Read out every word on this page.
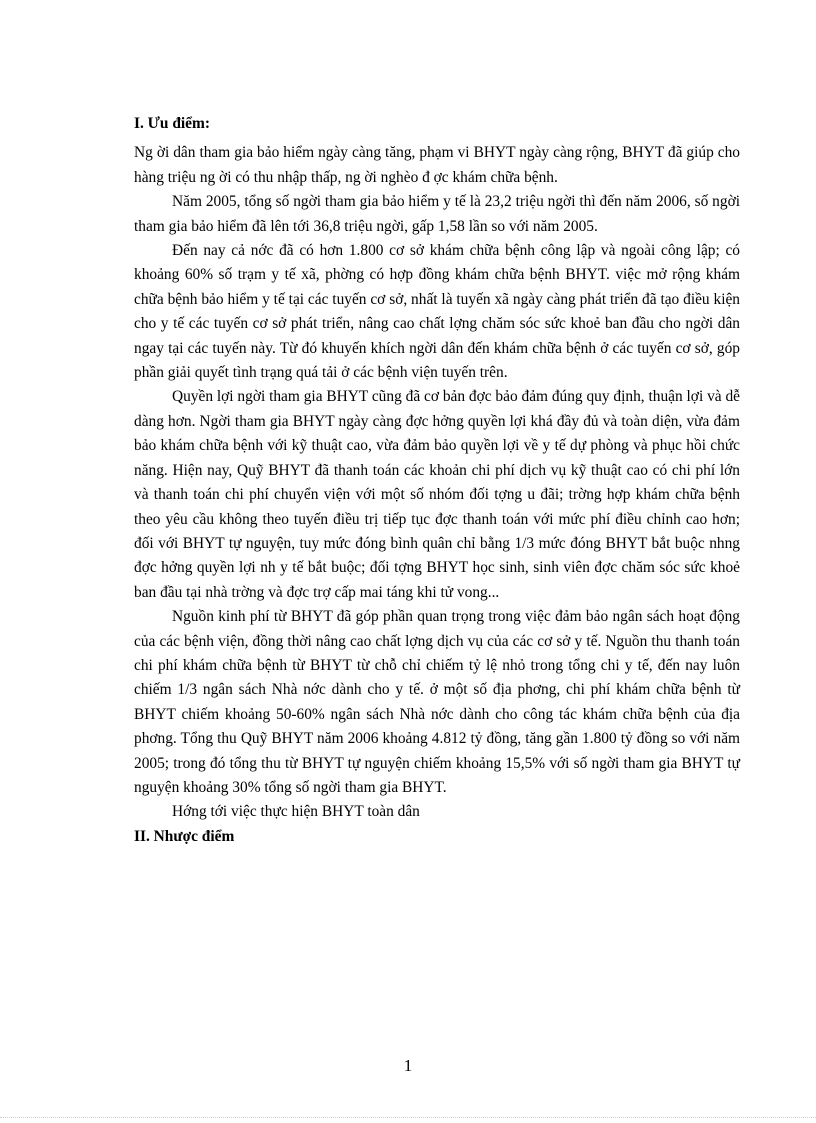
I. Ưu điểm:

Ng ời dân tham gia bảo hiểm ngày càng tăng, phạm vi BHYT ngày càng rộng, BHYT đã giúp cho hàng triệu ng ời có thu nhập thấp, ng ời nghèo đ ợc khám chữa bệnh.

Năm 2005, tổng số ngời tham gia bảo hiểm y tế là 23,2 triệu ngời thì đến năm 2006, số ngời tham gia bảo hiểm đã lên tới 36,8 triệu ngời, gấp 1,58 lần so với năm 2005.

Đến nay cả nớc đã có hơn 1.800 cơ sở khám chữa bệnh công lập và ngoài công lập; có khoảng 60% số trạm y tế xã, phờng có hợp đồng khám chữa bệnh BHYT. việc mở rộng khám chữa bệnh bảo hiểm y tế tại các tuyến cơ sở, nhất là tuyến xã ngày càng phát triển đã tạo điều kiện cho y tế các tuyến cơ sở phát triển, nâng cao chất lợng chăm sóc sức khoẻ ban đầu cho ngời dân ngay tại các tuyến này. Từ đó khuyến khích ngời dân đến khám chữa bệnh ở các tuyến cơ sở, góp phần giải quyết tình trạng quá tải ở các bệnh viện tuyến trên.

Quyền lợi ngời tham gia BHYT cũng đã cơ bản đợc bảo đảm đúng quy định, thuận lợi và dễ dàng hơn. Ngời tham gia BHYT ngày càng đợc hởng quyền lợi khá đầy đủ và toàn diện, vừa đảm bảo khám chữa bệnh với kỹ thuật cao, vừa đảm bảo quyền lợi về y tế dự phòng và phục hồi chức năng. Hiện nay, Quỹ BHYT đã thanh toán các khoản chi phí dịch vụ kỹ thuật cao có chi phí lớn và thanh toán chi phí chuyển viện với một số nhóm đối tợng u đãi; trờng hợp khám chữa bệnh theo yêu cầu không theo tuyến điều trị tiếp tục đợc thanh toán với mức phí điều chỉnh cao hơn; đối với BHYT tự nguyện, tuy mức đóng bình quân chỉ bằng 1/3 mức đóng BHYT bắt buộc nhng đợc hởng quyền lợi nh y tế bắt buộc; đối tợng BHYT học sinh, sinh viên đợc chăm sóc sức khoẻ ban đầu tại nhà trờng và đợc trợ cấp mai táng khi tử vong...

Nguồn kinh phí từ BHYT đã góp phần quan trọng trong việc đảm bảo ngân sách hoạt động của các bệnh viện, đồng thời nâng cao chất lợng dịch vụ của các cơ sở y tế. Nguồn thu thanh toán chi phí khám chữa bệnh từ BHYT từ chỗ chỉ chiếm tỷ lệ nhỏ trong tổng chi y tế, đến nay luôn chiếm 1/3 ngân sách Nhà nớc dành cho y tế. ở một số địa phơng, chi phí khám chữa bệnh từ BHYT chiếm khoảng 50-60% ngân sách Nhà nớc dành cho công tác khám chữa bệnh của địa phơng. Tổng thu Quỹ BHYT năm 2006 khoảng 4.812 tỷ đồng, tăng gần 1.800 tỷ đồng so với năm 2005; trong đó tổng thu từ BHYT tự nguyện chiếm khoảng 15,5% với số ngời tham gia BHYT tự nguyện khoảng 30% tổng số ngời tham gia BHYT.

Hớng tới việc thực hiện BHYT toàn dân

II. Nhược điểm

1
